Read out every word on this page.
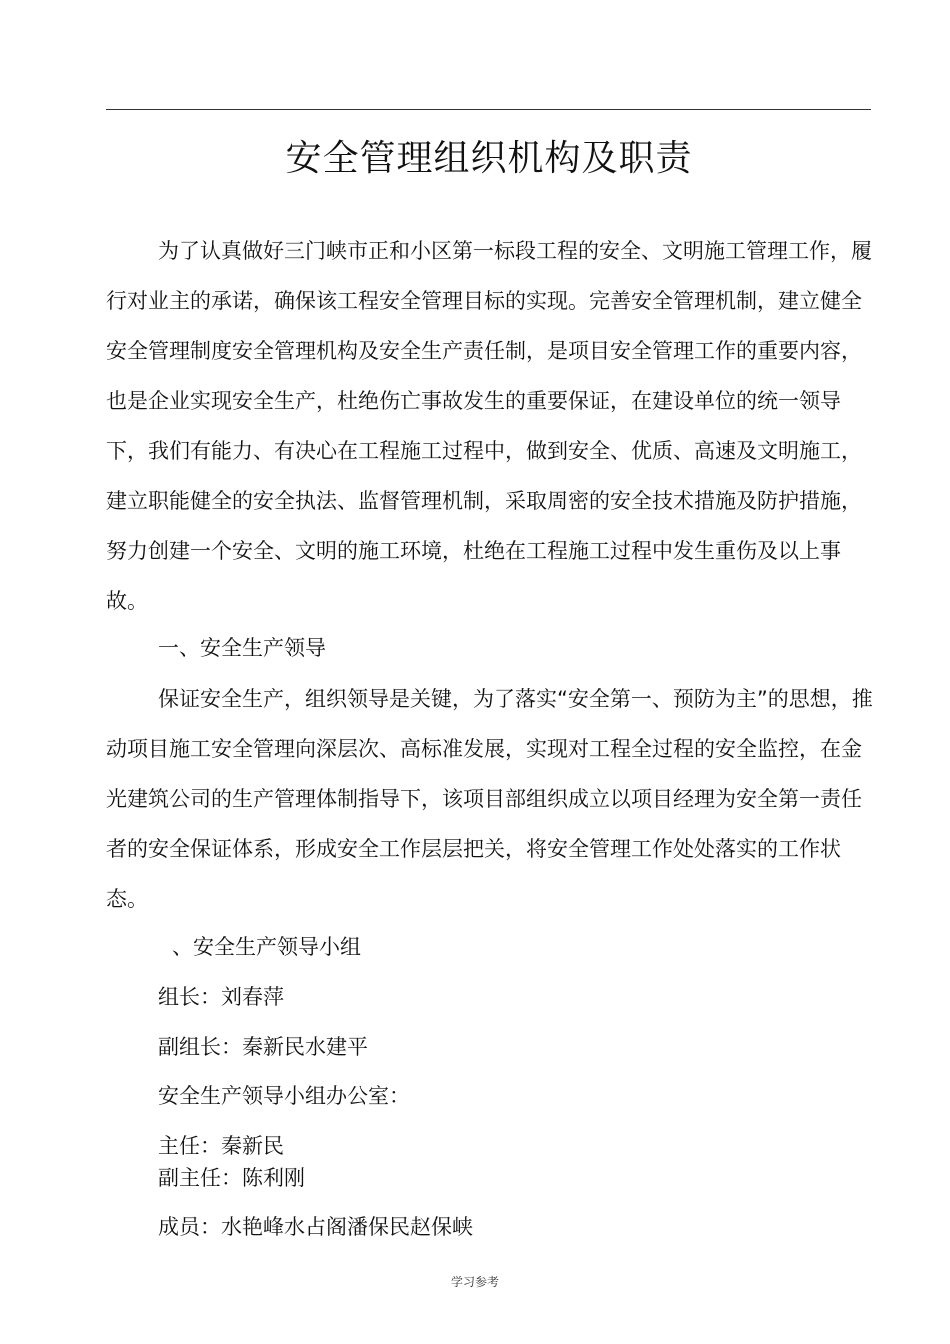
安全管理组织机构及职责

为了认真做好三门峡市正和小区第一标段工程的安全、文明施工管理工作，履行对业主的承诺，确保该工程安全管理目标的实现。完善安全管理机制，建立健全安全管理制度安全管理机构及安全生产责任制，是项目安全管理工作的重要内容，也是企业实现安全生产，杜绝伤亡事故发生的重要保证，在建设单位的统一领导下，我们有能力、有决心在工程施工过程中，做到安全、优质、高速及文明施工，建立职能健全的安全执法、监督管理机制，采取周密的安全技术措施及防护措施，努力创建一个安全、文明的施工环境，杜绝在工程施工过程中发生重伤及以上事故。

一、安全生产领导

保证安全生产，组织领导是关键，为了落实“安全第一、预防为主”的思想，推动项目施工安全管理向深层次、高标准发展，实现对工程全过程的安全监控，在金光建筑公司的生产管理体制指导下，该项目部组织成立以项目经理为安全第一责任者的安全保证体系，形成安全工作层层把关，将安全管理工作处处落实的工作状态。

、安全生产领导小组
组长：刘春萍
副组长：秦新民水建平
安全生产领导小组办公室：
主任：秦新民
副主任：陈利刚
成员：水艳峰水占阁潘保民赵保峡
学习参考
